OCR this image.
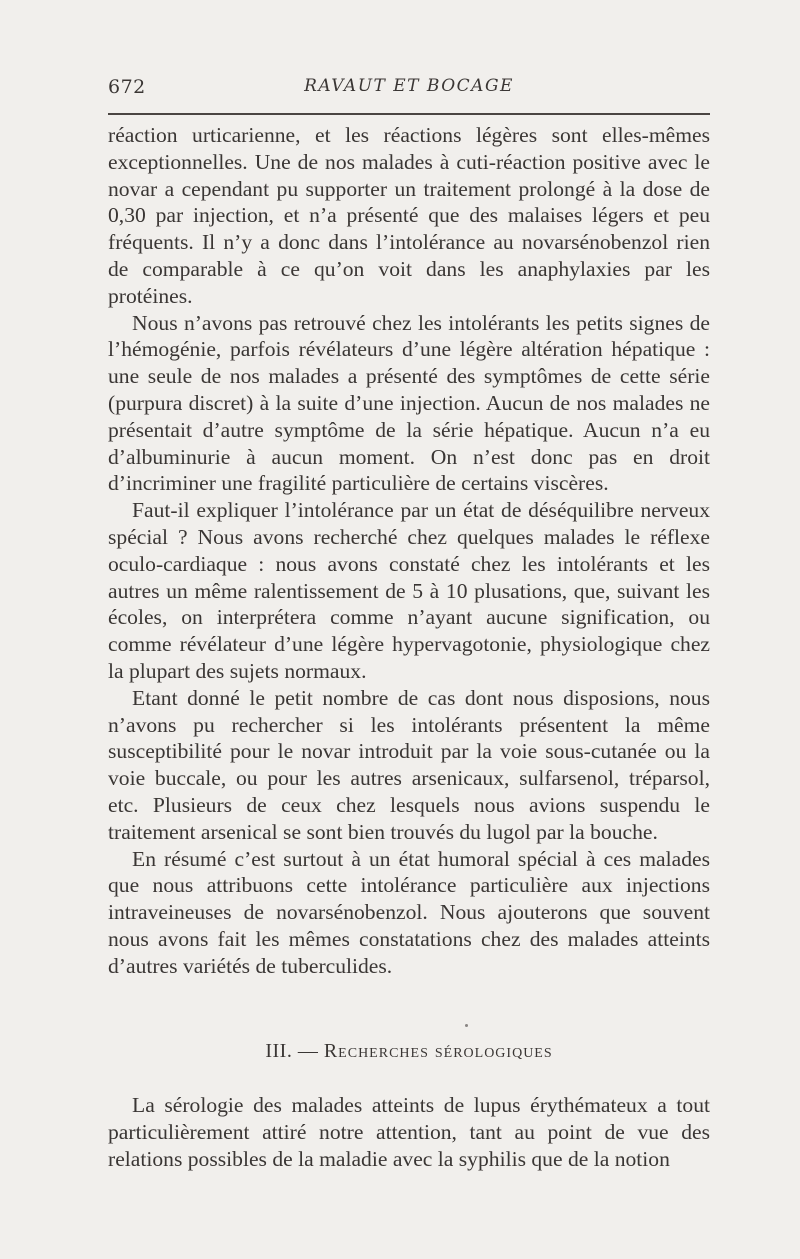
672	RAVAUT ET BOCAGE

réaction urticarienne, et les réactions légères sont elles-mêmes exceptionnelles. Une de nos malades à cuti-réaction positive avec le novar a cependant pu supporter un traitement prolongé à la dose de 0,30 par injection, et n’a présenté que des malaises légers et peu fréquents. Il n’y a donc dans l’intolérance au novarsénobenzol rien de comparable à ce qu’on voit dans les anaphylaxies par les protéines.

Nous n’avons pas retrouvé chez les intolérants les petits signes de l’hémogénie, parfois révélateurs d’une légère altération hépatique : une seule de nos malades a présenté des symptômes de cette série (purpura discret) à la suite d’une injection. Aucun de nos malades ne présentait d’autre symptôme de la série hépatique. Aucun n’a eu d’albuminurie à aucun moment. On n’est donc pas en droit d’incriminer une fragilité particulière de certains viscères.

Faut-il expliquer l’intolérance par un état de déséquilibre nerveux spécial ? Nous avons recherché chez quelques malades le réflexe oculo-cardiaque : nous avons constaté chez les intolérants et les autres un même ralentissement de 5 à 10 plusations, que, suivant les écoles, on interprétera comme n’ayant aucune signification, ou comme révélateur d’une légère hypervagotonie, physiologique chez la plupart des sujets normaux.

Etant donné le petit nombre de cas dont nous disposions, nous n’avons pu rechercher si les intolérants présentent la même susceptibilité pour le novar introduit par la voie sous-cutanée ou la voie buccale, ou pour les autres arsenicaux, sulfarsenol, tréparsol, etc. Plusieurs de ceux chez lesquels nous avions suspendu le traitement arsenical se sont bien trouvés du lugol par la bouche.

En résumé c’est surtout à un état humoral spécial à ces malades que nous attribuons cette intolérance particulière aux injections intraveineuses de novarsénobenzol. Nous ajouterons que souvent nous avons fait les mêmes constatations chez des malades atteints d’autres variétés de tuberculides.

III. — Recherches sérologiques

La sérologie des malades atteints de lupus érythémateux a tout particulièrement attiré notre attention, tant au point de vue des relations possibles de la maladie avec la syphilis que de la notion
